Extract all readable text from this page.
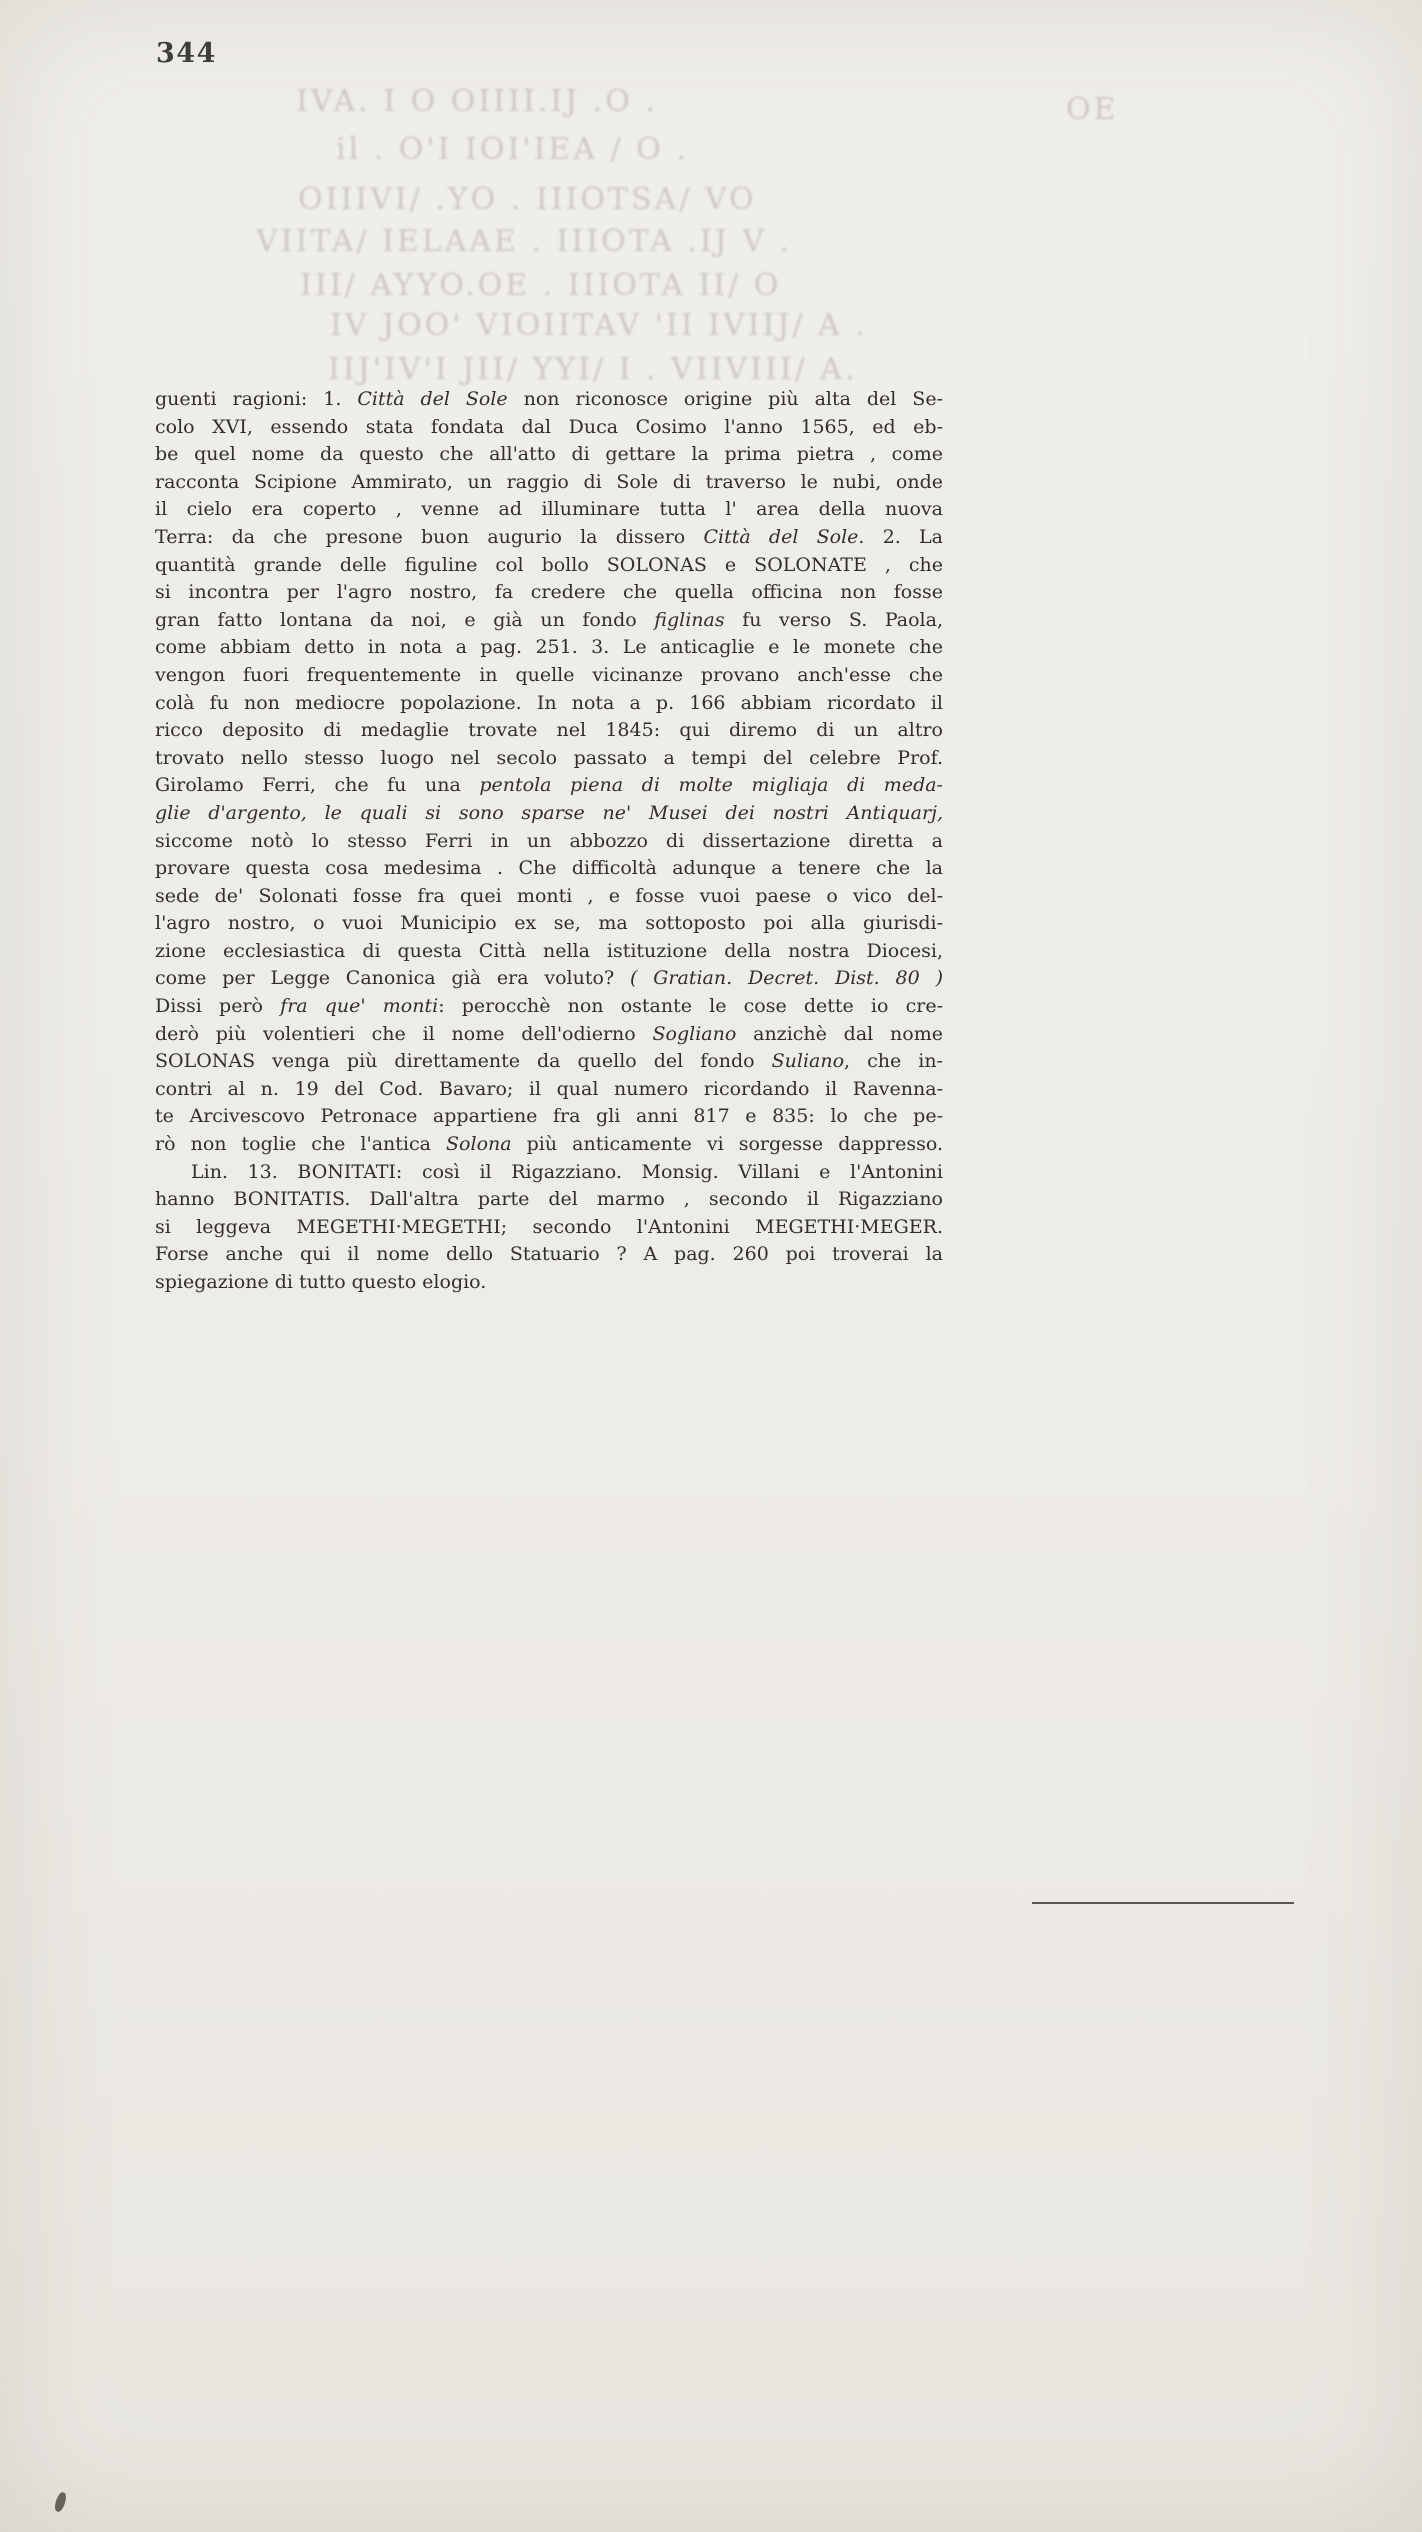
IVA. I O OIIII.IJ .O .	OE
il . O'I IOI'IEA / O .
OIIIVI/ .YO . IIIOTSA/ VO
VIITA/ IELAAE . IIIOTA .IJ V .
III/ AYYO.OE . IIIOTA II/ O
IV JOO' VIOIITAV 'II IVIIJ/ A .
IIJ'IV'I JII/ YYI/ I . VIIVIII/ A.
344
guenti ragioni: 1. Città del Sole non riconosce origine più alta del Se-
colo XVI, essendo stata fondata dal Duca Cosimo l'anno 1565, ed eb-
be quel nome da questo che all'atto di gettare la prima pietra , come
racconta Scipione Ammirato, un raggio di Sole di traverso le nubi, onde
il cielo era coperto , venne ad illuminare tutta l' area della nuova
Terra: da che presone buon augurio la dissero Città del Sole. 2. La
quantità grande delle figuline col bollo SOLONAS e SOLONATE , che
si incontra per l'agro nostro, fa credere che quella officina non fosse
gran fatto lontana da noi, e già un fondo figlinas fu verso S. Paola,
come abbiam detto in nota a pag. 251. 3. Le anticaglie e le monete che
vengon fuori frequentemente in quelle vicinanze provano anch'esse che
colà fu non mediocre popolazione. In nota a p. 166 abbiam ricordato il
ricco deposito di medaglie trovate nel 1845: qui diremo di un altro
trovato nello stesso luogo nel secolo passato a tempi del celebre Prof.
Girolamo Ferri, che fu una pentola piena di molte migliaja di meda-
glie d'argento, le quali si sono sparse ne' Musei dei nostri Antiquarj,
siccome notò lo stesso Ferri in un abbozzo di dissertazione diretta a
provare questa cosa medesima . Che difficoltà adunque a tenere che la
sede de' Solonati fosse fra quei monti , e fosse vuoi paese o vico del-
l'agro nostro, o vuoi Municipio ex se, ma sottoposto poi alla giurisdi-
zione ecclesiastica di questa Città nella istituzione della nostra Diocesi,
come per Legge Canonica già era voluto? ( Gratian. Decret. Dist. 80 )
Dissi però fra que' monti: perocchè non ostante le cose dette io cre-
derò più volentieri che il nome dell'odierno Sogliano anzichè dal nome
SOLONAS venga più direttamente da quello del fondo Suliano, che in-
contri al n. 19 del Cod. Bavaro; il qual numero ricordando il Ravenna-
te Arcivescovo Petronace appartiene fra gli anni 817 e 835: lo che pe-
rò non toglie che l'antica Solona più anticamente vi sorgesse dappresso.
Lin. 13. BONITATI: così il Rigazziano. Monsig. Villani e l'Antonini
hanno BONITATIS. Dall'altra parte del marmo , secondo il Rigazziano
si leggeva MEGETHI·MEGETHI; secondo l'Antonini MEGETHI·MEGER.
Forse anche qui il nome dello Statuario ? A pag. 260 poi troverai la
spiegazione di tutto questo elogio.
